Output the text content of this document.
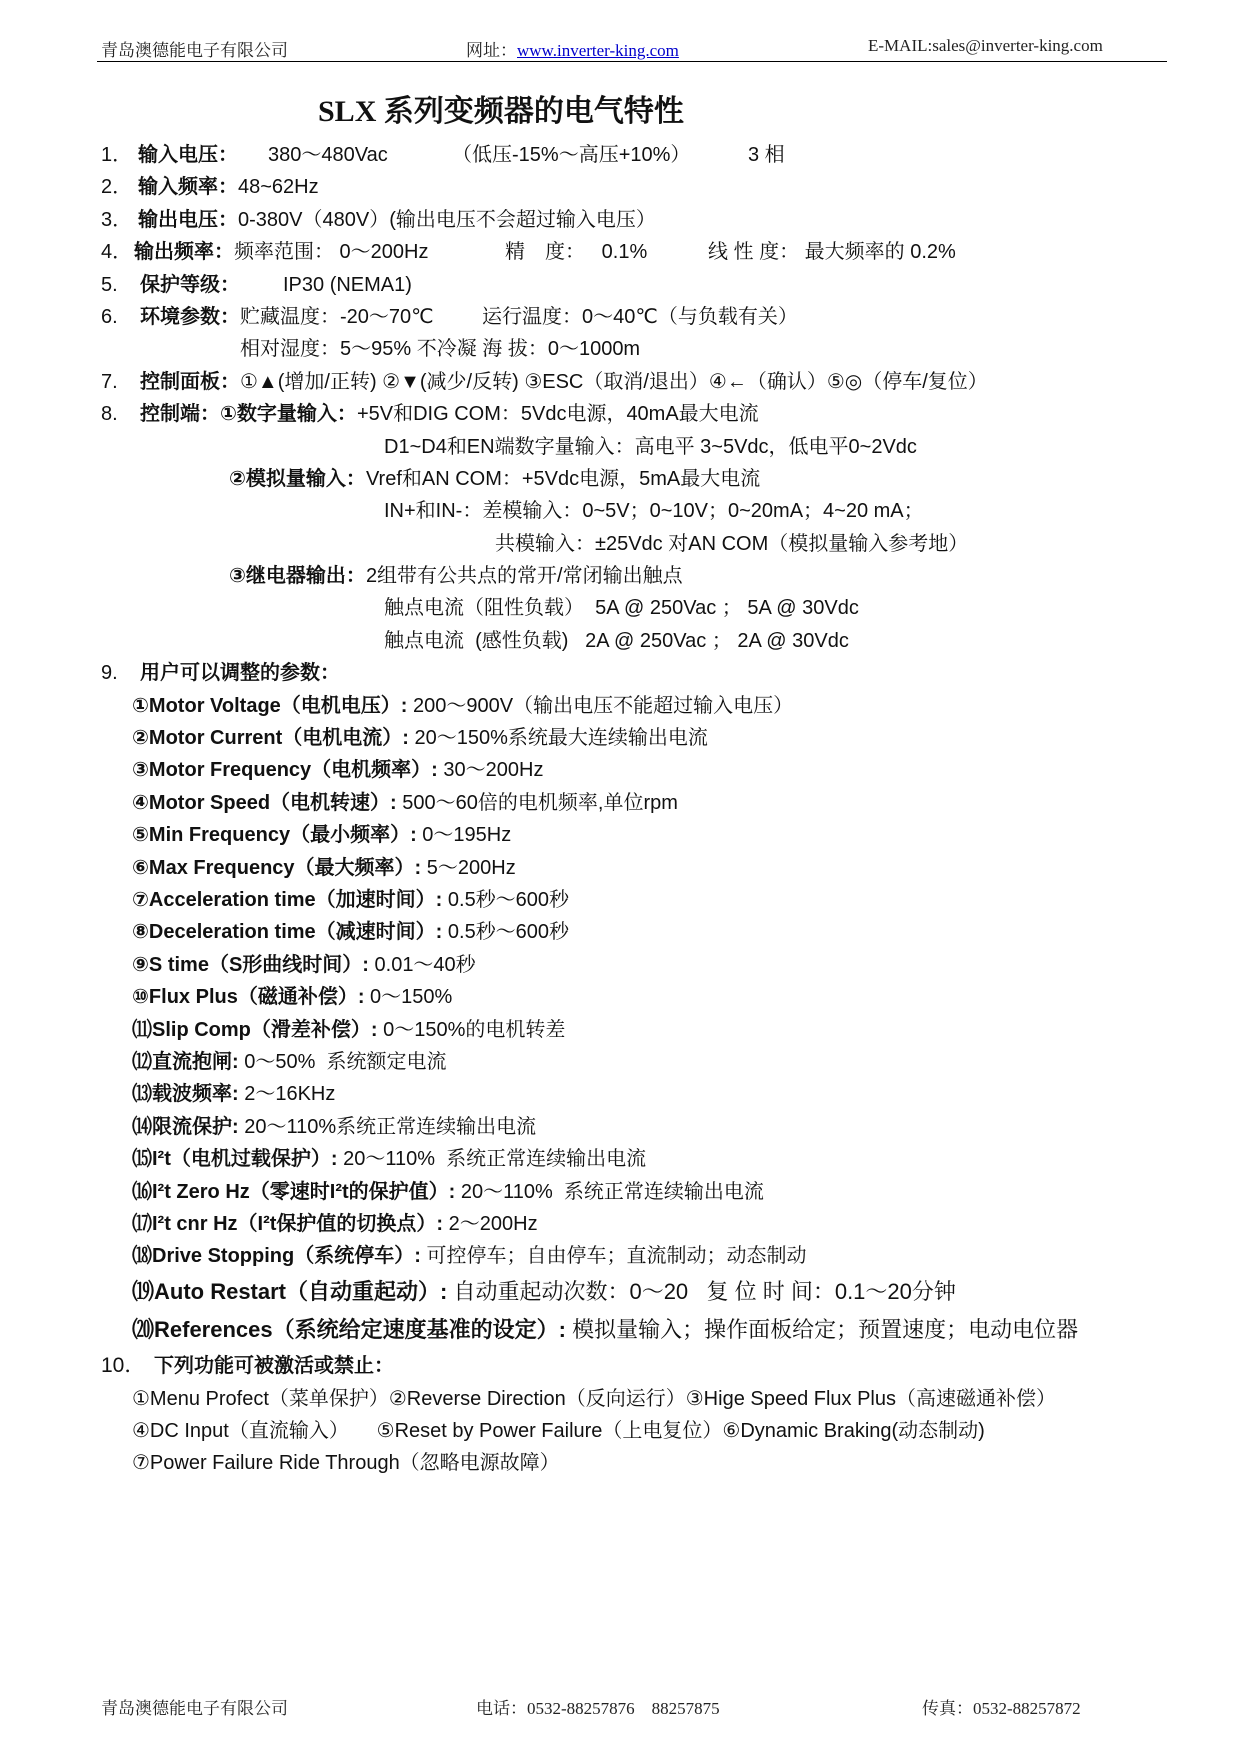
青岛澳德能电子有限公司	网址：www.inverter-king.com	E-MAIL:sales@inverter-king.com
SLX 系列变频器的电气特性
1． 输入电压： 380～480Vac	（低压-15%～高压+10%）	3 相
2． 输入频率：48~62Hz
3． 输出电压：0-380V（480V）(输出电压不会超过输入电压）
4． 输出频率：频率范围： 0～200Hz	精　度：   0.1%	线 性 度： 最大频率的 0.2%
5. 保护等级： IP30 (NEMA1)
6. 环境参数：贮藏温度：-20～70℃ 运行温度：0～40℃（与负载有关）
相对湿度：5～95% 不冷凝 海 拔：0～1000m
7. 控制面板：①▲(增加/正转) ②▼(减少/反转) ③ESC（取消/退出）④←（确认）⑤◎（停车/复位）
8. 控制端：①数字量输入：+5V和DIG COM：5Vdc电源，40mA最大电流
D1~D4和EN端数字量输入：高电平 3~5Vdc，低电平0~2Vdc
②模拟量输入：Vref和AN COM：+5Vdc电源，5mA最大电流
IN+和IN-：差模输入：0~5V；0~10V；0~20mA；4~20 mA；
共模输入：±25Vdc 对AN COM（模拟量输入参考地）
③继电器输出：2组带有公共点的常开/常闭输出触点
触点电流（阻性负载）  5A @ 250Vac ； 5A @ 30Vdc
触点电流  (感性负载)   2A @ 250Vac ； 2A @ 30Vdc
9. 用户可以调整的参数：
①Motor Voltage（电机电压）: 200～900V（输出电压不能超过输入电压）
②Motor Current（电机电流）: 20～150%系统最大连续输出电流
③Motor Frequency（电机频率）: 30～200Hz
④Motor Speed（电机转速）: 500～60倍的电机频率,单位rpm
⑤Min Frequency（最小频率）: 0～195Hz
⑥Max Frequency（最大频率）: 5～200Hz
⑦Acceleration time（加速时间）: 0.5秒～600秒
⑧Deceleration time（减速时间）: 0.5秒～600秒
⑨S time（S形曲线时间）: 0.01～40秒
⑩Flux Plus（磁通补偿）: 0～150%
⑾Slip Comp（滑差补偿）: 0～150%的电机转差
⑿直流抱闸: 0～50%  系统额定电流
⒀载波频率: 2～16KHz
⒁限流保护: 20～110%系统正常连续输出电流
⒂I²t（电机过载保护）: 20～110%  系统正常连续输出电流
⒃I²t Zero Hz（零速时I²t的保护值）: 20～110%  系统正常连续输出电流
⒄I²t cnr Hz（I²t保护值的切换点）: 2～200Hz
⒅Drive Stopping（系统停车）: 可控停车；自由停车；直流制动；动态制动
⒆Auto Restart（自动重起动）: 自动重起动次数：0～20   复 位 时 间：0.1～20分钟
⒇References（系统给定速度基准的设定）: 模拟量输入；操作面板给定；预置速度；电动电位器
10． 下列功能可被激活或禁止：
①Menu Profect（菜单保护）②Reverse Direction（反向运行）③Hige Speed Flux Plus（高速磁通补偿）
④DC Input（直流输入）     ⑤Reset by Power Failure（上电复位）⑥Dynamic Braking(动态制动)
⑦Power Failure Ride Through（忽略电源故障）
青岛澳德能电子有限公司	电话：0532-88257876    88257875	传真：0532-88257872
